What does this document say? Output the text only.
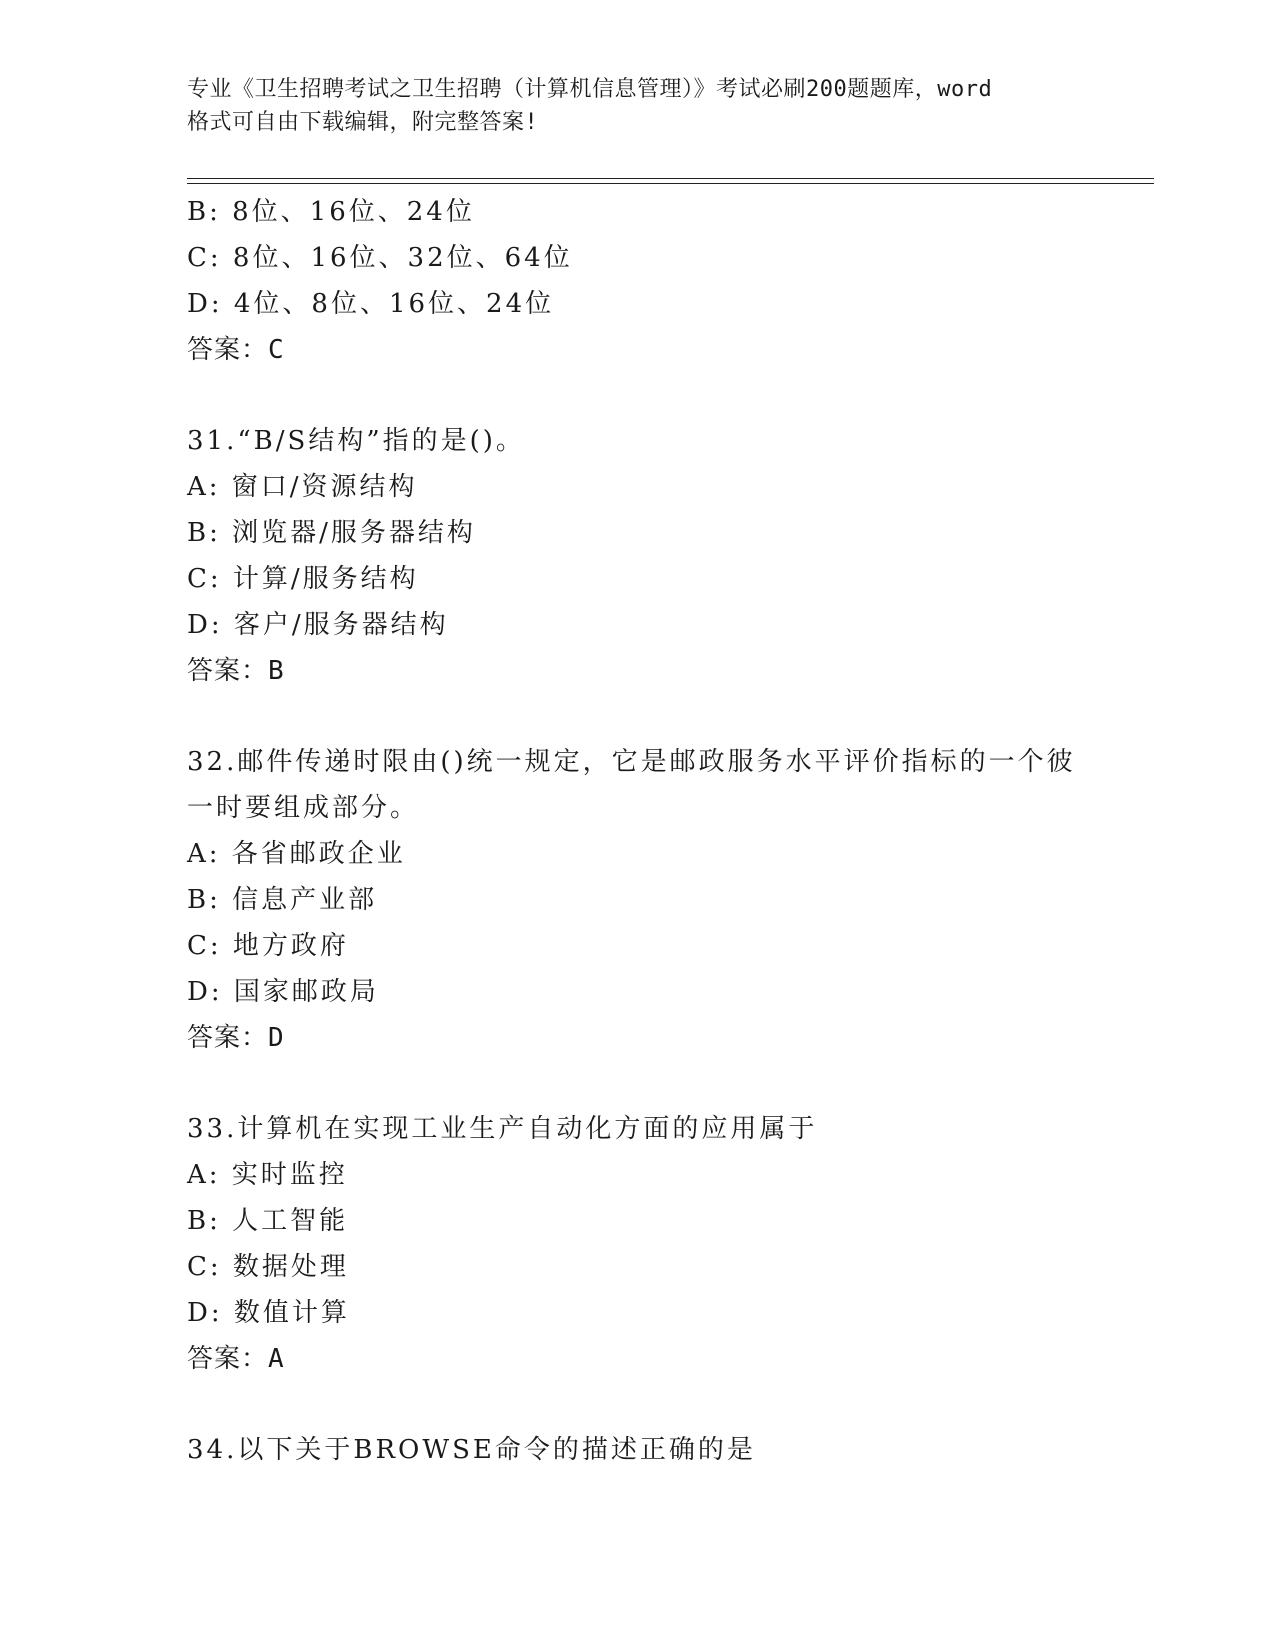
专业《卫生招聘考试之卫生招聘（计算机信息管理）》考试必刷200题题库，word
格式可自由下载编辑，附完整答案!
B: 8位、16位、24位
C: 8位、16位、32位、64位
D: 4位、8位、16位、24位
答案：C
31.“B/S结构”指的是()。
A: 窗口/资源结构
B: 浏览器/服务器结构
C: 计算/服务结构
D: 客户/服务器结构
答案：B
32.邮件传递时限由()统一规定，它是邮政服务水平评价指标的一个彼
一时要组成部分。
A: 各省邮政企业
B: 信息产业部
C: 地方政府
D: 国家邮政局
答案：D
33.计算机在实现工业生产自动化方面的应用属于
A: 实时监控
B: 人工智能
C: 数据处理
D: 数值计算
答案：A
34.以下关于BROWSE命令的描述正确的是
